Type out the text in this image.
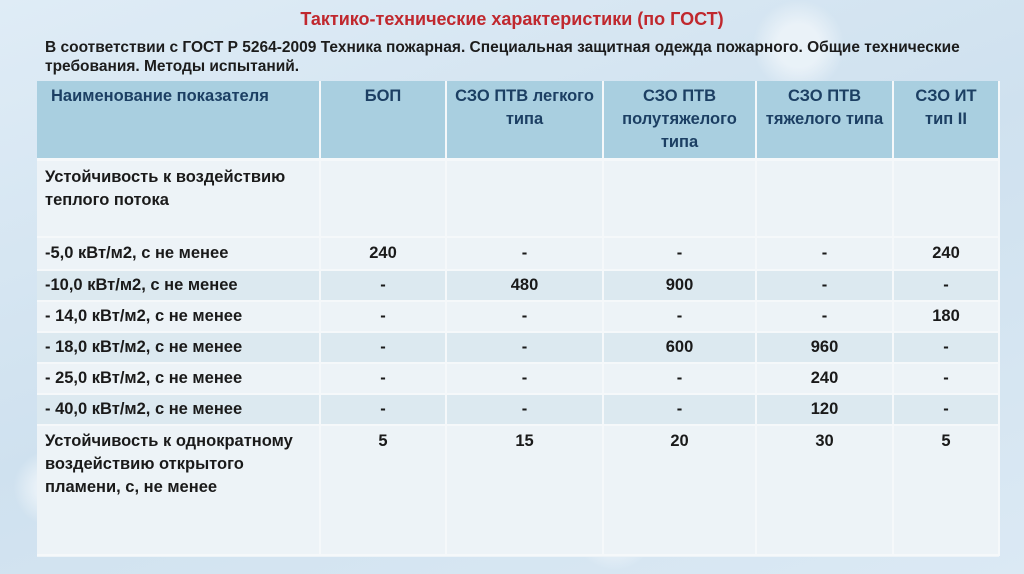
Тактико-технические характеристики (по ГОСТ)
В соответствии с ГОСТ Р 5264-2009 Техника пожарная. Специальная защитная одежда пожарного. Общие технические требования. Методы испытаний.
Наименование показателя	БОП	СЗО ПТВ легкого типа	СЗО ПТВ полутяжелого типа	СЗО ПТВ тяжелого типа	СЗО ИТ тип II
Устойчивость к воздействию теплого потока					
-5,0 кВт/м2, с не менее	240	-	-	-	240
-10,0 кВт/м2, с не менее	-	480	900	-	-
- 14,0 кВт/м2, с не менее	-	-	-	-	180
- 18,0 кВт/м2, с не менее	-	-	600	960	-
- 25,0 кВт/м2, с не менее	-	-	-	240	-
- 40,0 кВт/м2, с не менее	-	-	-	120	-
Устойчивость к однократному воздействию открытого пламени, с, не менее	5	15	20	30	5
